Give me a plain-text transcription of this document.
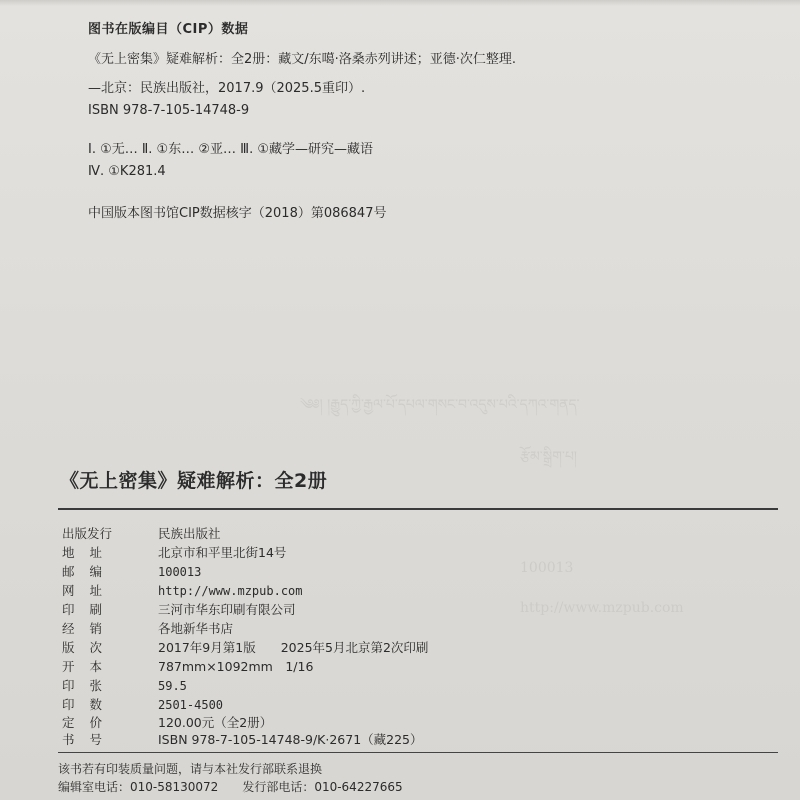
༄༅། །རྒྱུད་ཀྱི་རྒྱལ་པོ་དཔལ་གསང་བ་འདུས་པའི་དཀའ་གནད་
རྩོམ་སྒྲིག་པ།
100013
http://www.mzpub.com
图书在版编目（CIP）数据
《无上密集》疑难解析：全2册：藏文/东噶·洛桑赤列讲述；亚德·次仁整理.
—北京：民族出版社，2017.9（2025.5重印）.
ISBN 978-7-105-14748-9
Ⅰ. ①无… Ⅱ. ①东… ②亚… Ⅲ. ①藏学—研究—藏语
Ⅳ. ①K281.4
中国版本图书馆CIP数据核字（2018）第086847号
《无上密集》疑难解析：全2册
出版发行	民族出版社
地 址	北京市和平里北街14号
邮 编	100013
网 址	http://www.mzpub.com
印 刷	三河市华东印刷有限公司
经 销	各地新华书店
版 次	2017年9月第1版　　2025年5月北京第2次印刷
开 本	787mm×1092mm　1/16
印 张	59.5
印 数	2501-4500
定 价	120.00元（全2册）
书 号	ISBN 978-7-105-14748-9/K·2671（藏225）
该书若有印装质量问题，请与本社发行部联系退换
编辑室电话：010-58130072　　发行部电话：010-64227665
